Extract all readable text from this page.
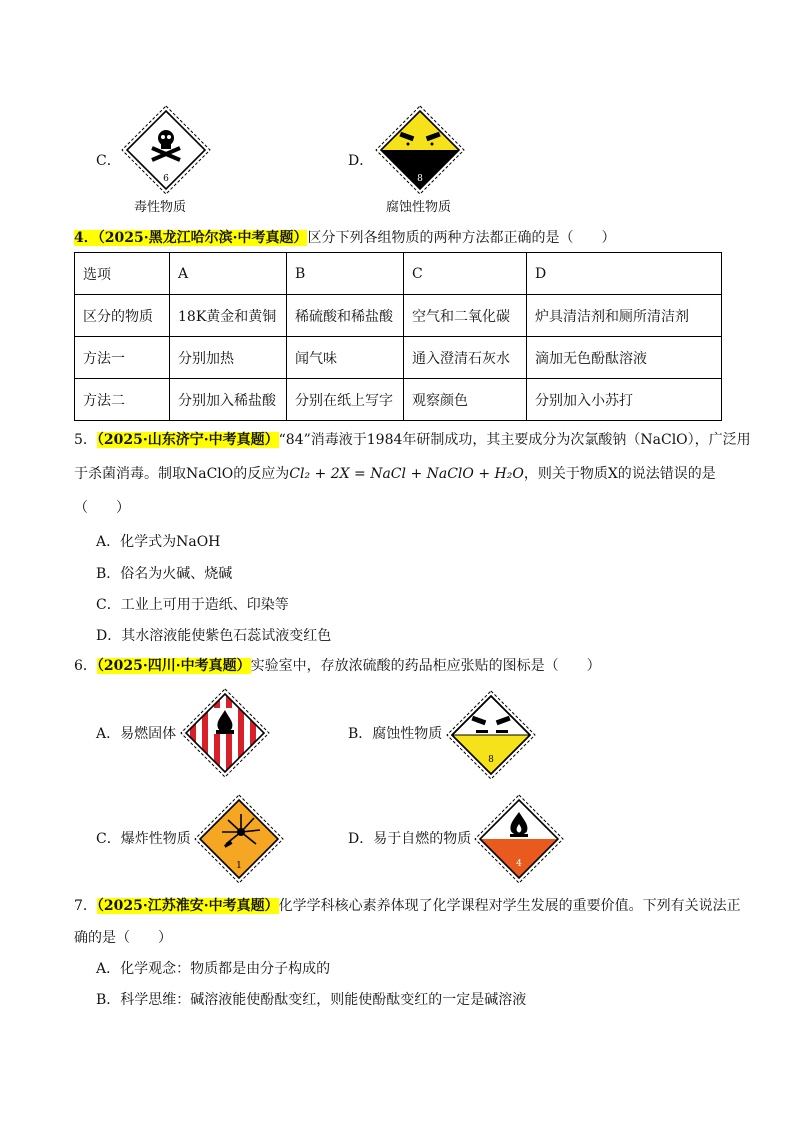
C．
6
毒性物质
D．
8
腐蚀性物质
4．（2025·黑龙江哈尔滨·中考真题）区分下列各组物质的两种方法都正确的是（　　）
选项	A	B	C	D
区分的物质	18K黄金和黄铜	稀硫酸和稀盐酸	空气和二氧化碳	炉具清洁剂和厕所清洁剂
方法一	分别加热	闻气味	通入澄清石灰水	滴加无色酚酞溶液
方法二	分别加入稀盐酸	分别在纸上写字	观察颜色	分别加入小苏打
5．（2025·山东济宁·中考真题）“84”消毒液于1984年研制成功，其主要成分为次氯酸钠（NaClO），广泛用
于杀菌消毒。制取NaClO的反应为Cl₂ + 2X = NaCl + NaClO + H₂O，则关于物质X的说法错误的是
（　　）
A．化学式为NaOH
B．俗名为火碱、烧碱
C．工业上可用于造纸、印染等
D．其水溶液能使紫色石蕊试液变红色
6．（2025·四川·中考真题）实验室中，存放浓硫酸的药品柜应张贴的图标是（　　）
A．易燃固体	B．腐蚀性物质
8
C．爆炸性物质
1
D．易于自燃的物质
4
7．（2025·江苏淮安·中考真题）化学学科核心素养体现了化学课程对学生发展的重要价值。下列有关说法正
确的是（　　）
A．化学观念：物质都是由分子构成的
B．科学思维：碱溶液能使酚酞变红，则能使酚酞变红的一定是碱溶液
